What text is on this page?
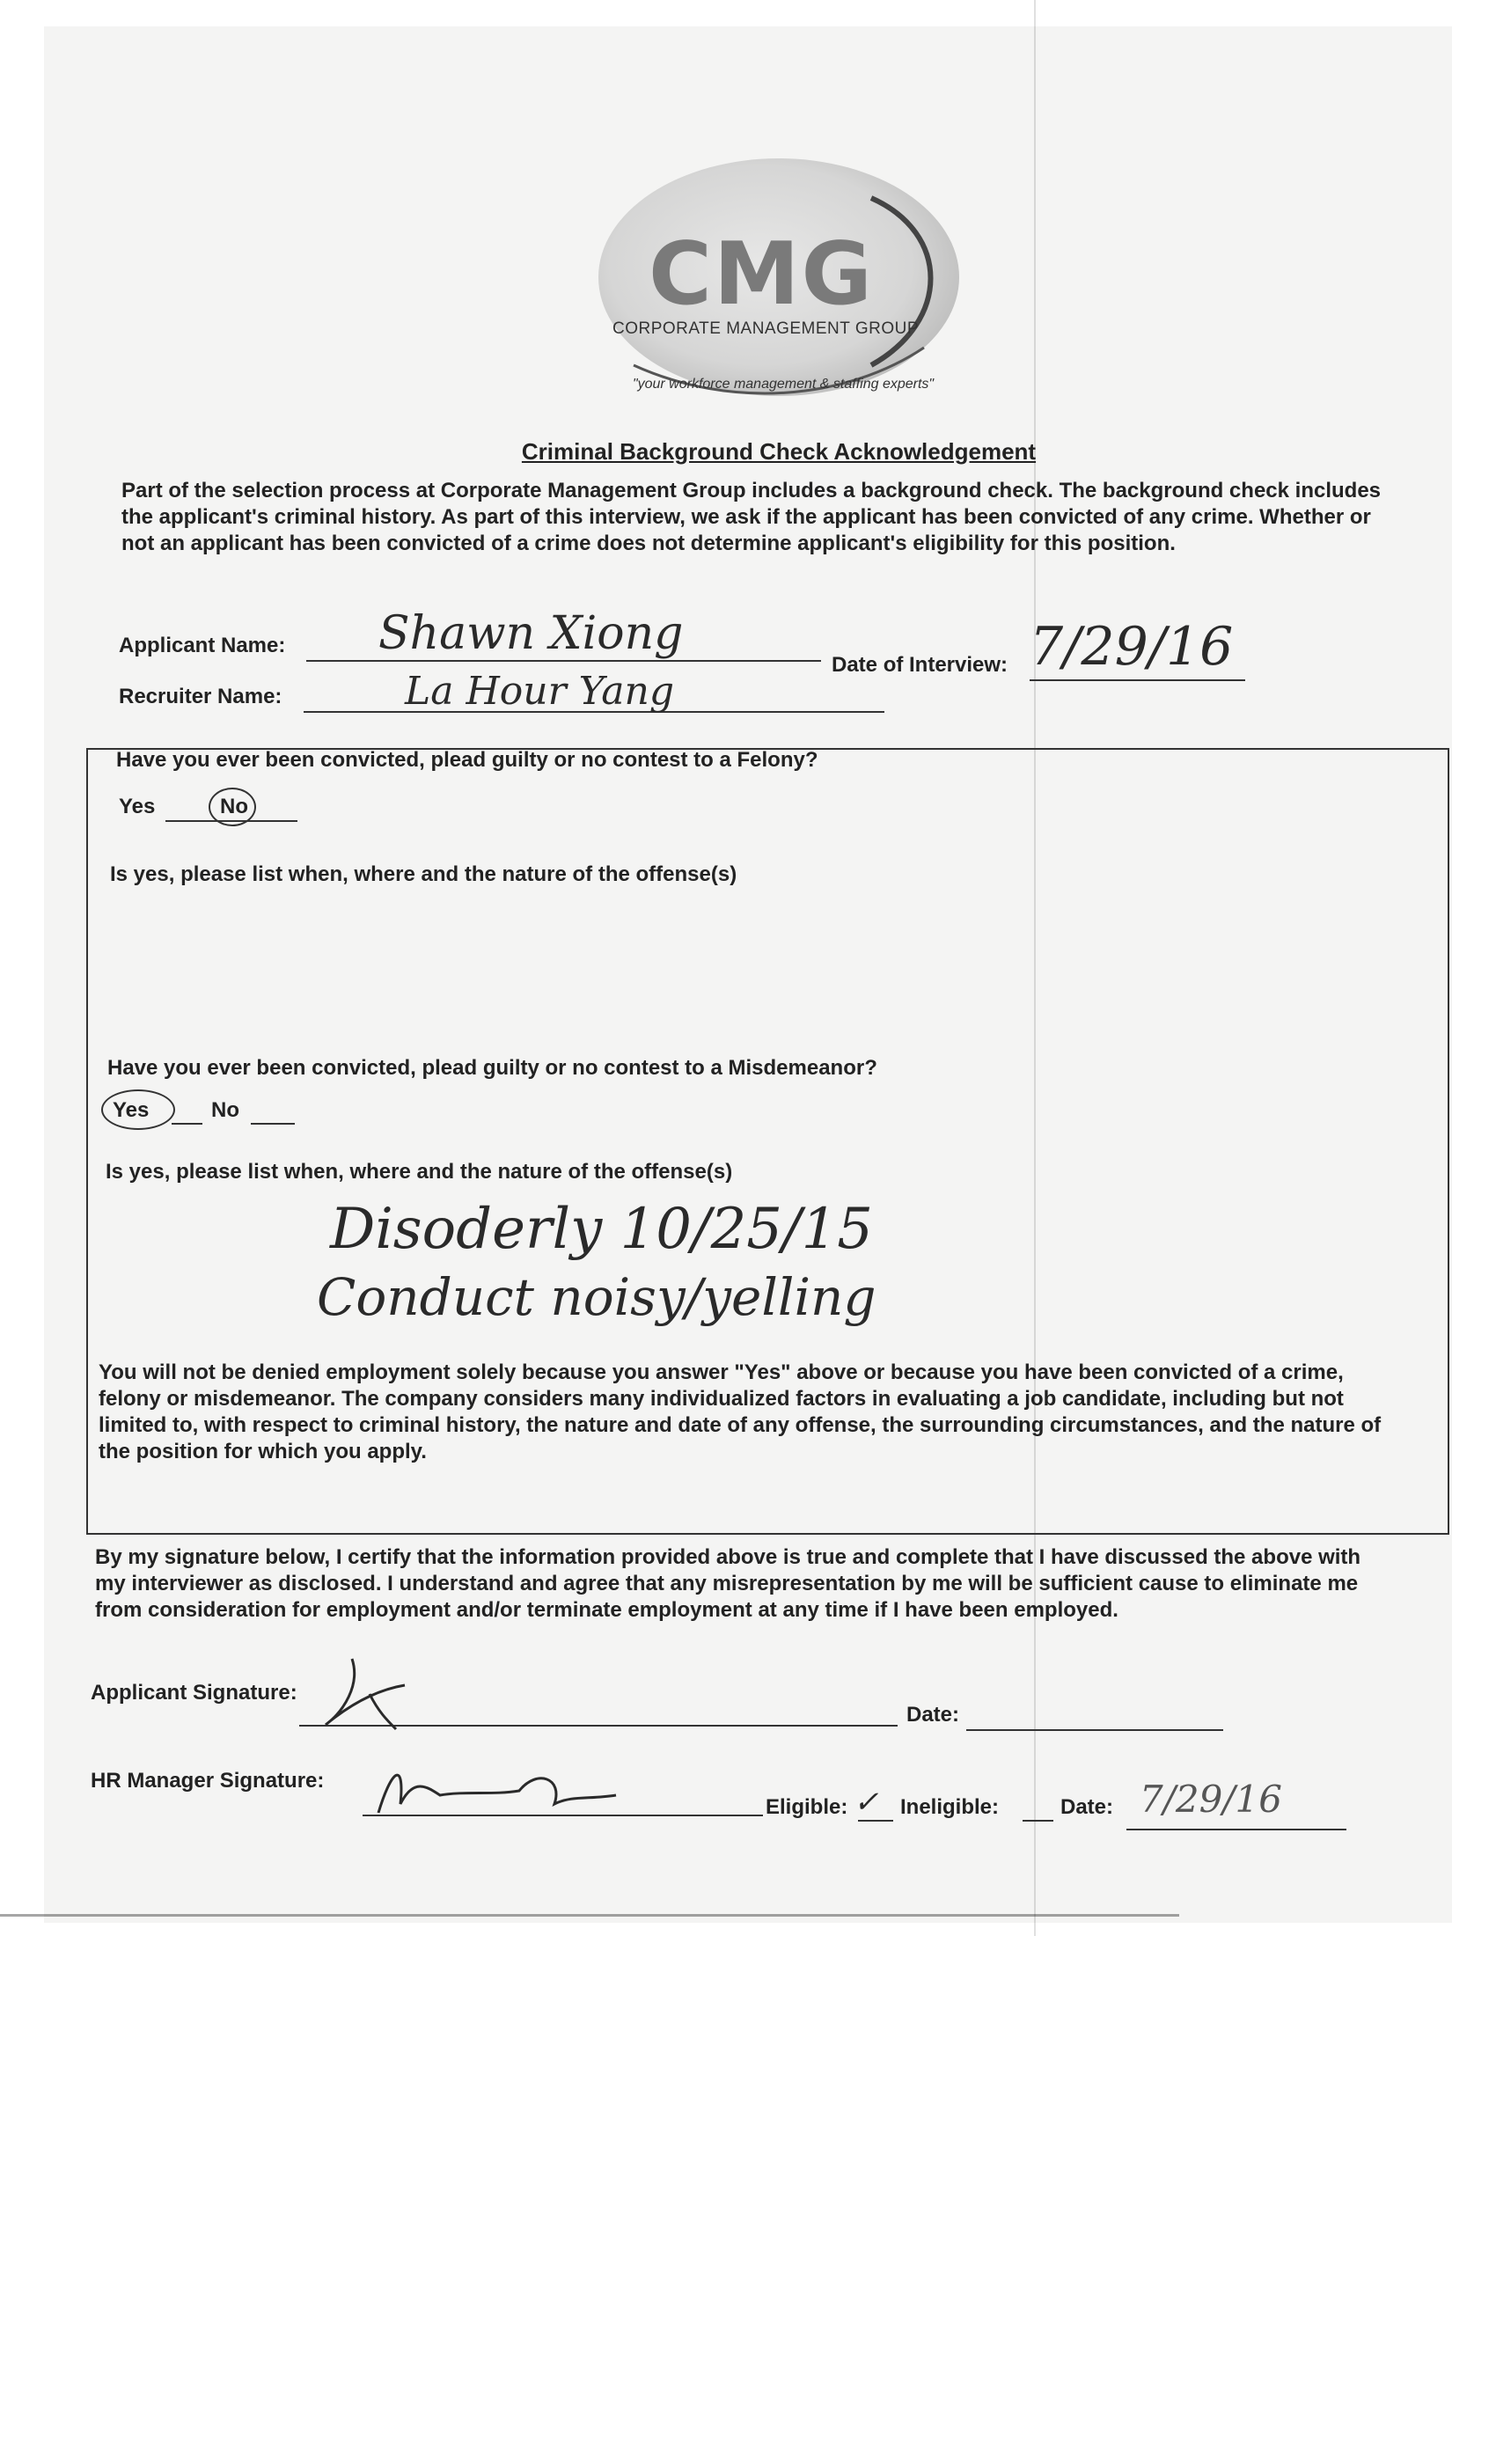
CMG
CORPORATE MANAGEMENT GROUP
"your workforce management & staffing experts"
Criminal Background Check Acknowledgement
Part of the selection process at Corporate Management Group includes a background check. The background check includes the applicant's criminal history. As part of this interview, we ask if the applicant has been convicted of any crime. Whether or not an applicant has been convicted of a crime does not determine applicant's eligibility for this position.
Applicant Name: Shawn Xiong
Date of Interview: 7/29/16
Recruiter Name:	La Hour Yang
Have you ever been convicted, plead guilty or no contest to a Felony?
Yes	No
Is yes, please list when, where and the nature of the offense(s)
Have you ever been convicted, plead guilty or no contest to a Misdemeanor?
Yes	No
Is yes, please list when, where and the nature of the offense(s)
Disoderly 10/25/15
Conduct noisy/yelling
You will not be denied employment solely because you answer "Yes" above or because you have been convicted of a crime, felony or misdemeanor. The company considers many individualized factors in evaluating a job candidate, including but not limited to, with respect to criminal history, the nature and date of any offense, the surrounding circumstances, and the nature of the position for which you apply.
By my signature below, I certify that the information provided above is true and complete that I have discussed the above with my interviewer as disclosed. I understand and agree that any misrepresentation by me will be sufficient cause to eliminate me from consideration for employment and/or terminate employment at any time if I have been employed.
Applicant Signature:
Date:
HR Manager Signature:
Eligible: ✓ Ineligible:	Date: 7/29/16
